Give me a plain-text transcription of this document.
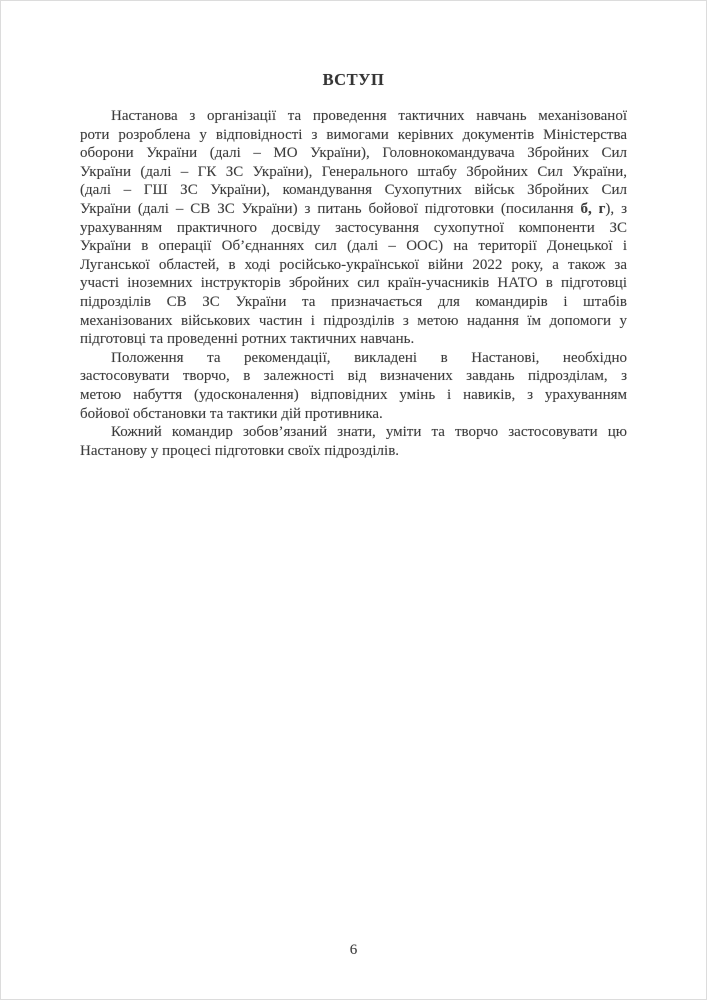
ВСТУП
Настанова з організації та проведення тактичних навчань механізованої
роти розроблена у відповідності з вимогами керівних документів Міністерства
оборони України (далі – МО України), Головнокомандувача Збройних Сил
України (далі – ГК ЗС України), Генерального штабу Збройних Сил України,
(далі – ГШ ЗС України), командування Сухопутних військ Збройних Сил
України (далі – СВ ЗС України) з питань бойової підготовки (посилання б, г), з
урахуванням практичного досвіду застосування сухопутної компоненти ЗС
України в операції Об’єднаннях сил (далі – ООС) на території Донецької і
Луганської областей, в ході російсько-української війни 2022 року, а також за
участі іноземних інструкторів збройних сил країн-учасників НАТО в підготовці
підрозділів СВ ЗС України та призначається для командирів і штабів
механізованих військових частин і підрозділів з метою надання їм допомоги у
підготовці та проведенні ротних тактичних навчань.
Положення та рекомендації, викладені в Настанові, необхідно
застосовувати творчо, в залежності від визначених завдань підрозділам, з
метою набуття (удосконалення) відповідних умінь і навиків, з урахуванням
бойової обстановки та тактики дій противника.
Кожний командир зобов’язаний знати, уміти та творчо застосовувати цю
Настанову у процесі підготовки своїх підрозділів.
6
